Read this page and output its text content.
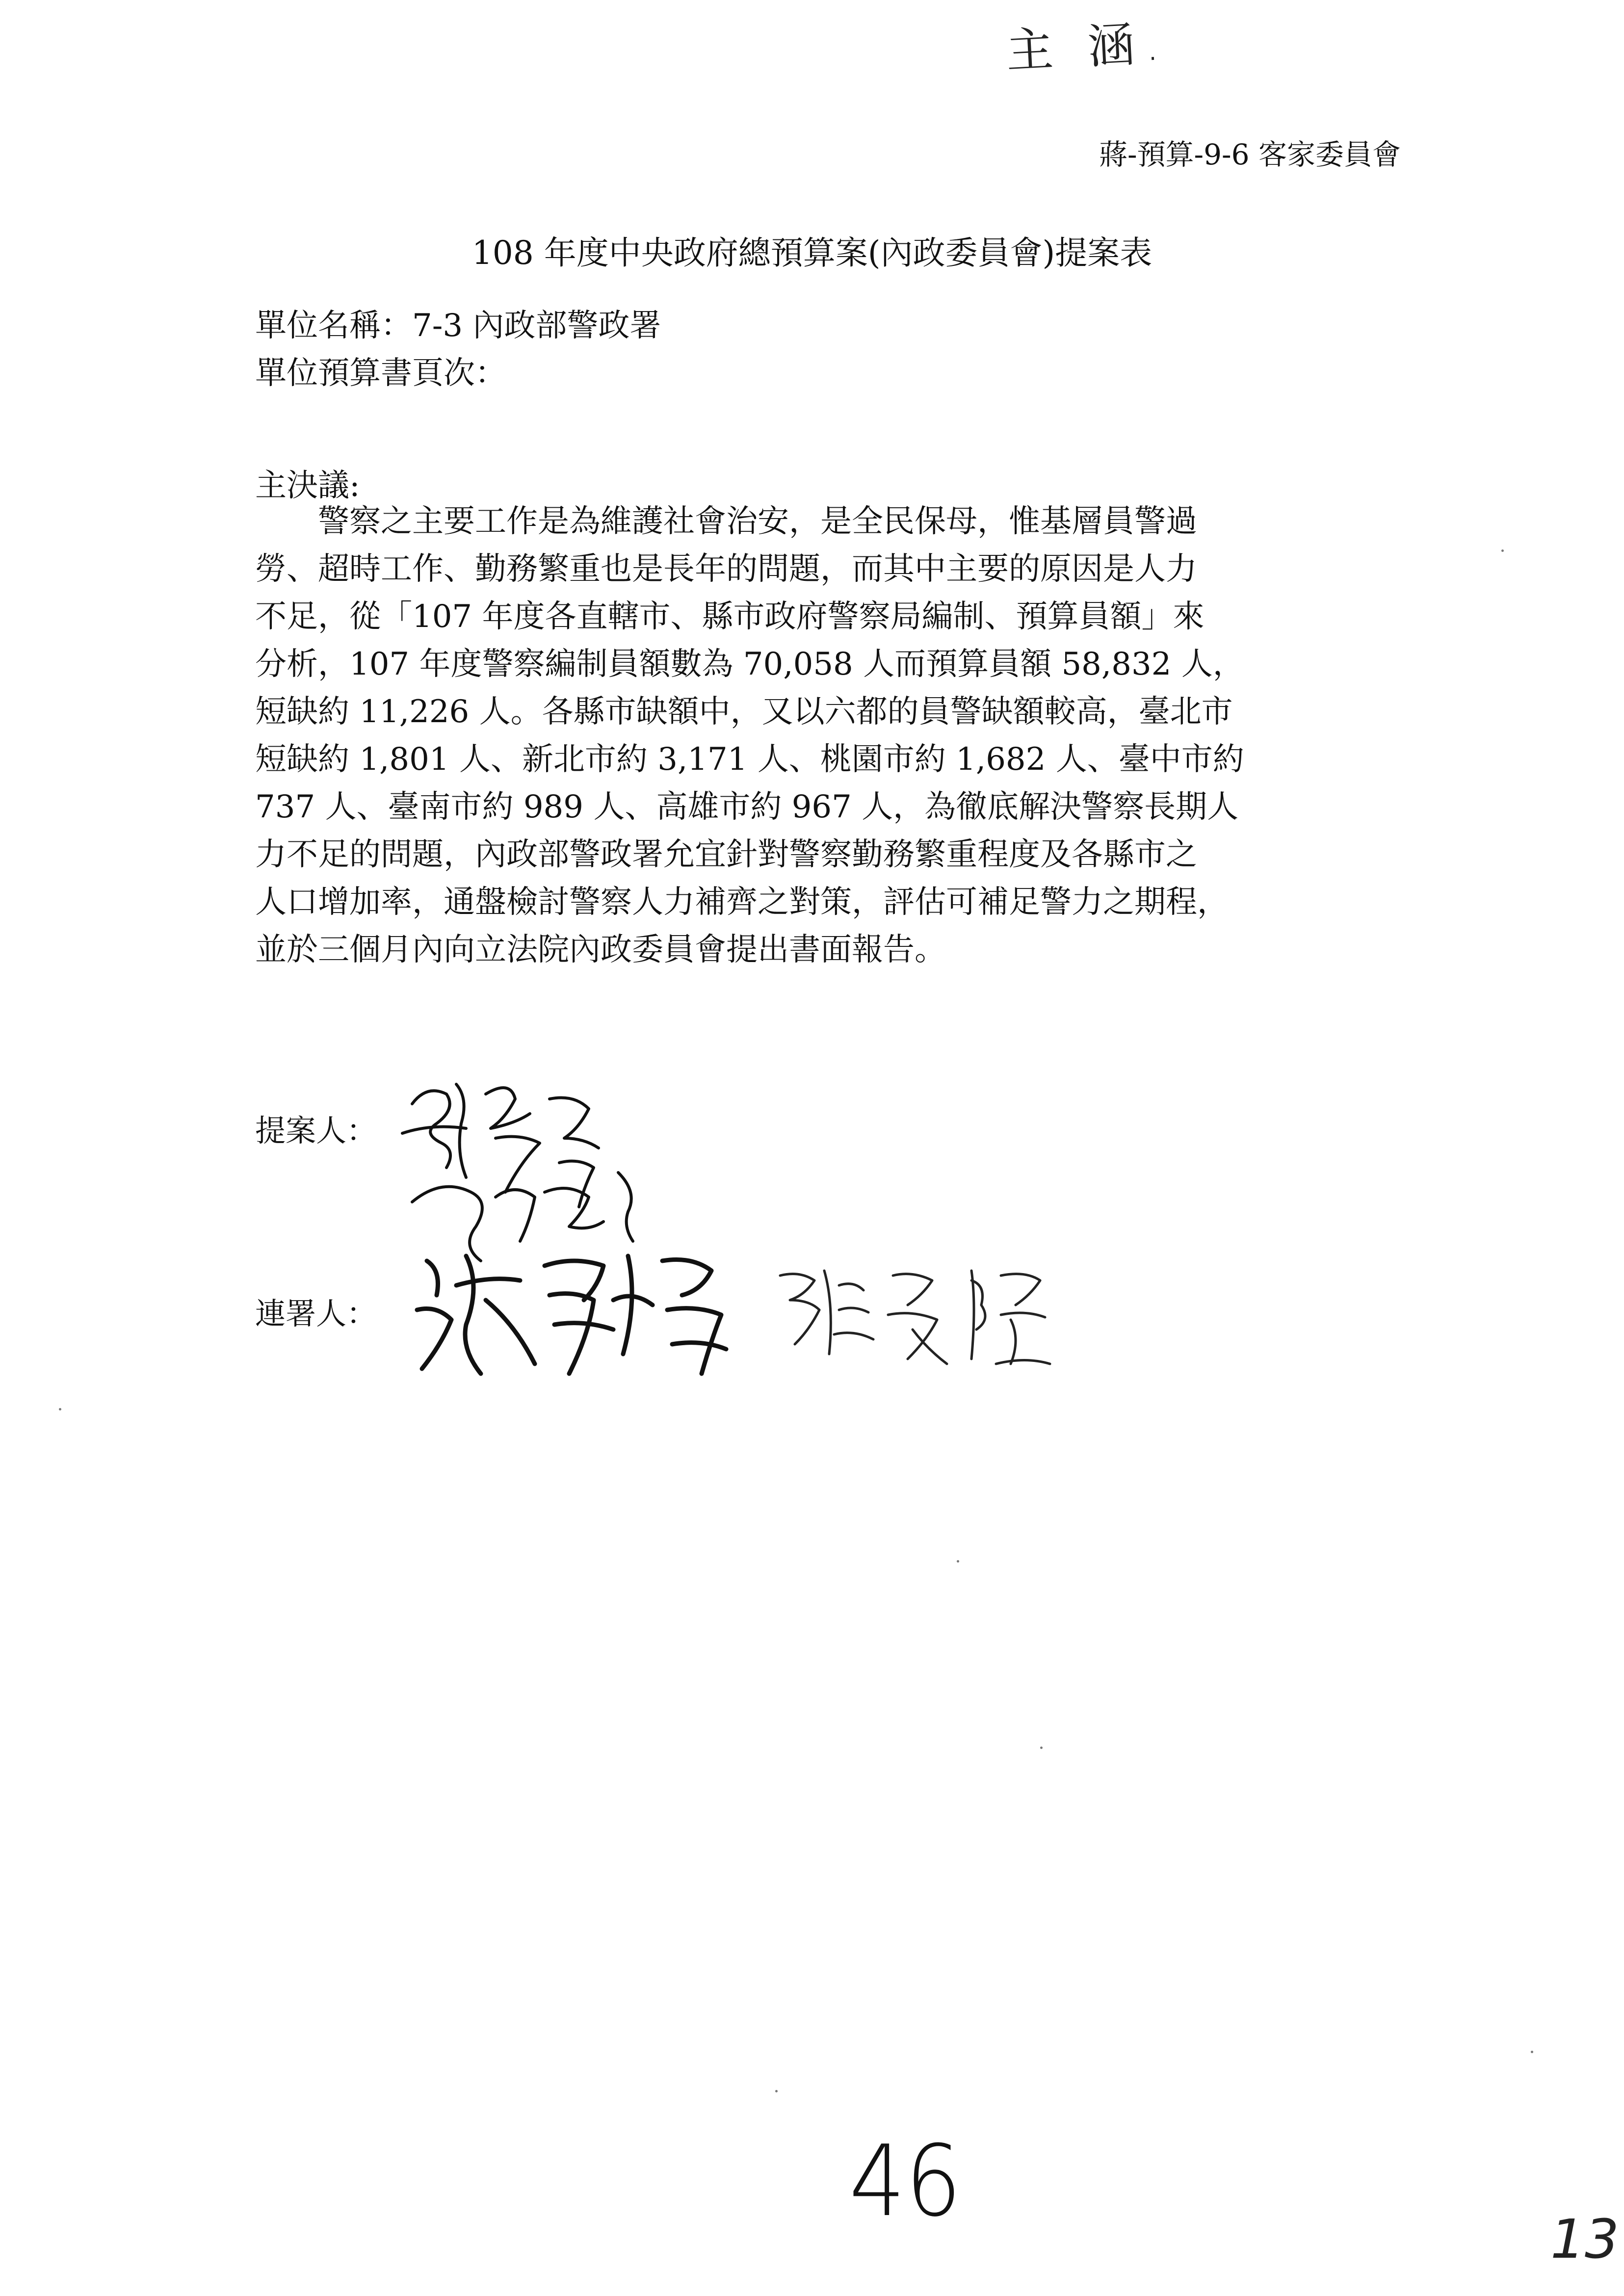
主 涵.
蔣-預算-9-6 客家委員會
108 年度中央政府總預算案(內政委員會)提案表
單位名稱：7-3 內政部警政署
單位預算書頁次：
主決議:
警察之主要工作是為維護社會治安，是全民保母，惟基層員警過
勞、超時工作、勤務繁重也是長年的問題，而其中主要的原因是人力
不足，從「107 年度各直轄市、縣市政府警察局編制、預算員額」來
分析，107 年度警察編制員額數為 70,058 人而預算員額 58,832 人，
短缺約 11,226 人。各縣市缺額中，又以六都的員警缺額較高，臺北市
短缺約 1,801 人、新北市約 3,171 人、桃園市約 1,682 人、臺中市約
737 人、臺南市約 989 人、高雄市約 967 人，為徹底解決警察長期人
力不足的問題，內政部警政署允宜針對警察勤務繁重程度及各縣市之
人口增加率，通盤檢討警察人力補齊之對策，評估可補足警力之期程，
並於三個月內向立法院內政委員會提出書面報告。
提案人：
連署人：
46
13
